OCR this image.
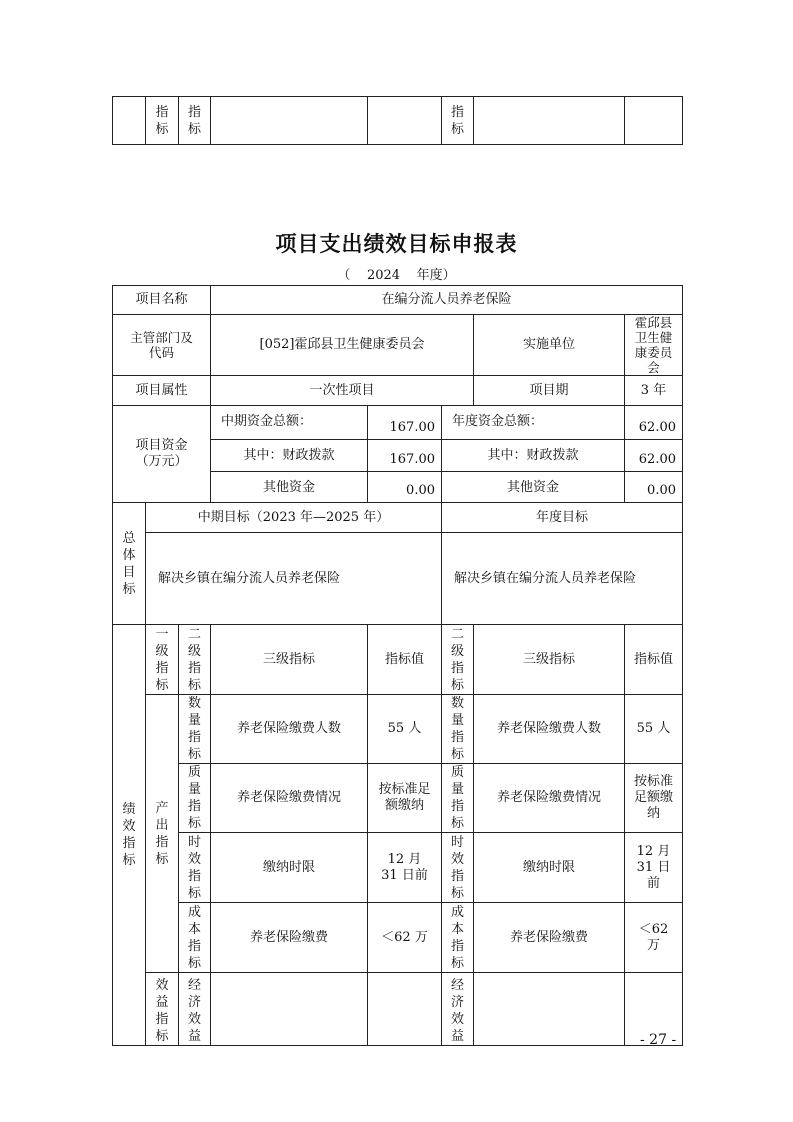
	指标	指标			指标		
项目支出绩效目标申报表
（    2024    年度）
项目名称			在编分流人员养老保险				
主管部门及代码			[052]霍邱县卫生健康委员会			实施单位	霍邱县卫生健康委员会
项目属性			一次性项目			项目期	3 年
项目资金（万元）			中期资金总额：	167.00	年度资金总额：		62.00

			其中：财政拨款	167.00	其中：财政拨款		62.00

			其他资金	0.00	其他资金		0.00

总体目标	中期目标（2023 年—2025 年）				年度目标		
	解决乡镇在编分流人员养老保险				解决乡镇在编分流人员养老保险		
绩效指标	一级指标	二级指标	三级指标	指标值	二级指标	三级指标	指标值
	产出指标	数量指标	养老保险缴费人数	55 人	数量指标	养老保险缴费人数	55 人
		质量指标	养老保险缴费情况	按标准足额缴纳	质量指标	养老保险缴费情况	按标准足额缴纳
		时效指标	缴纳时限	12 月 31 日前	时效指标	缴纳时限	12 月 31 日前
		成本指标	养老保险缴费	＜62 万	成本指标	养老保险缴费	＜62 万
	效益指标	经济效益			经济效益			- 27 -
